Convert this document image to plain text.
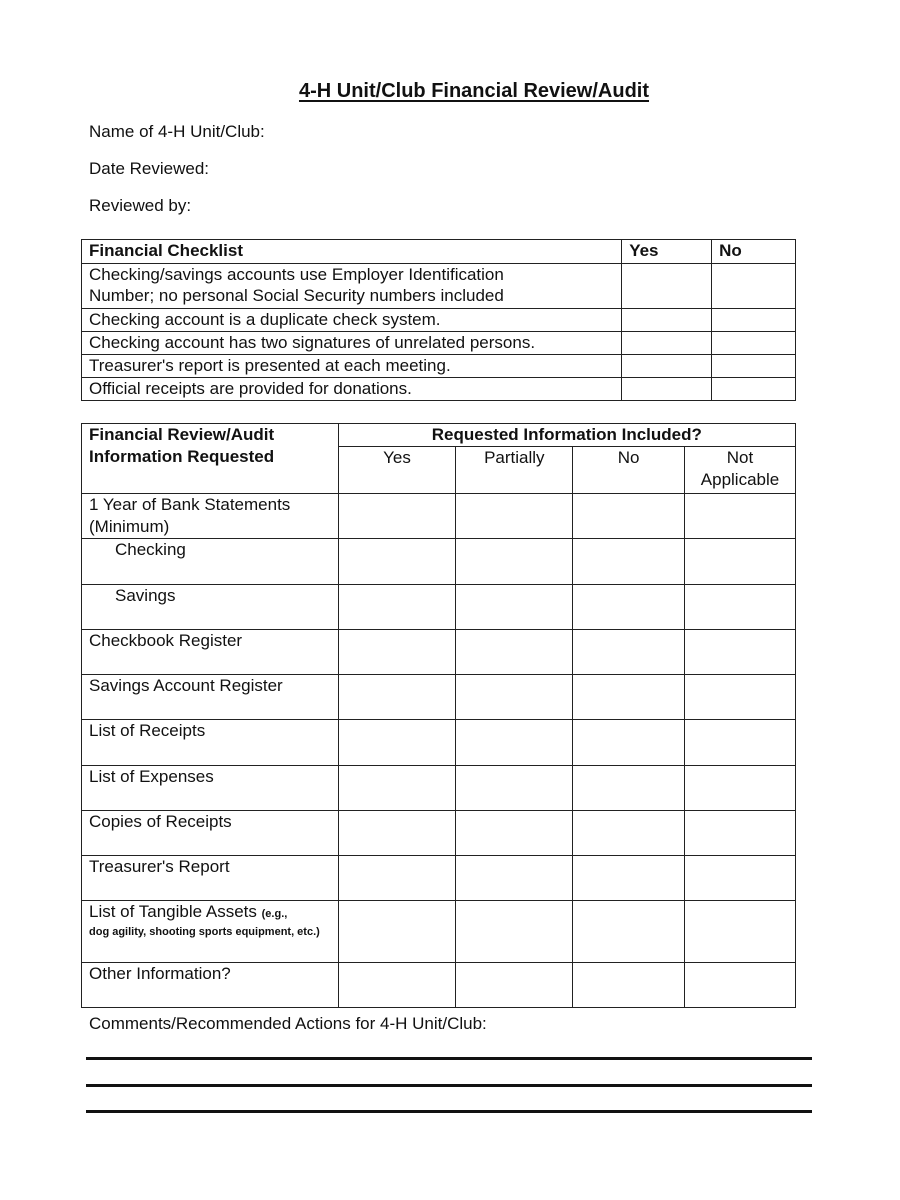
4-H Unit/Club Financial Review/Audit
Name of 4-H Unit/Club:
Date Reviewed:
Reviewed by:
Financial Checklist	Yes	No

Checking/savings accounts use Employer Identification
Number; no personal Social Security numbers included		

Checking account is a duplicate check system.		
Checking account has two signatures of unrelated persons.		
Treasurer's report is presented at each meeting.		
Official receipts are provided for donations.		
Financial Review/Audit
Information Requested	Requested Information Included?			
	Yes	Partially	No	Not
Applicable

1 Year of Bank Statements
(Minimum)				

Checking				
Savings				
Checkbook Register				
Savings Account Register				
List of Receipts				
List of Expenses				
Copies of Receipts				
Treasurer's Report				
List of Tangible Assets (e.g.,
dog agility, shooting sports equipment, etc.)				

Other Information?				
Comments/Recommended Actions for 4-H Unit/Club:
